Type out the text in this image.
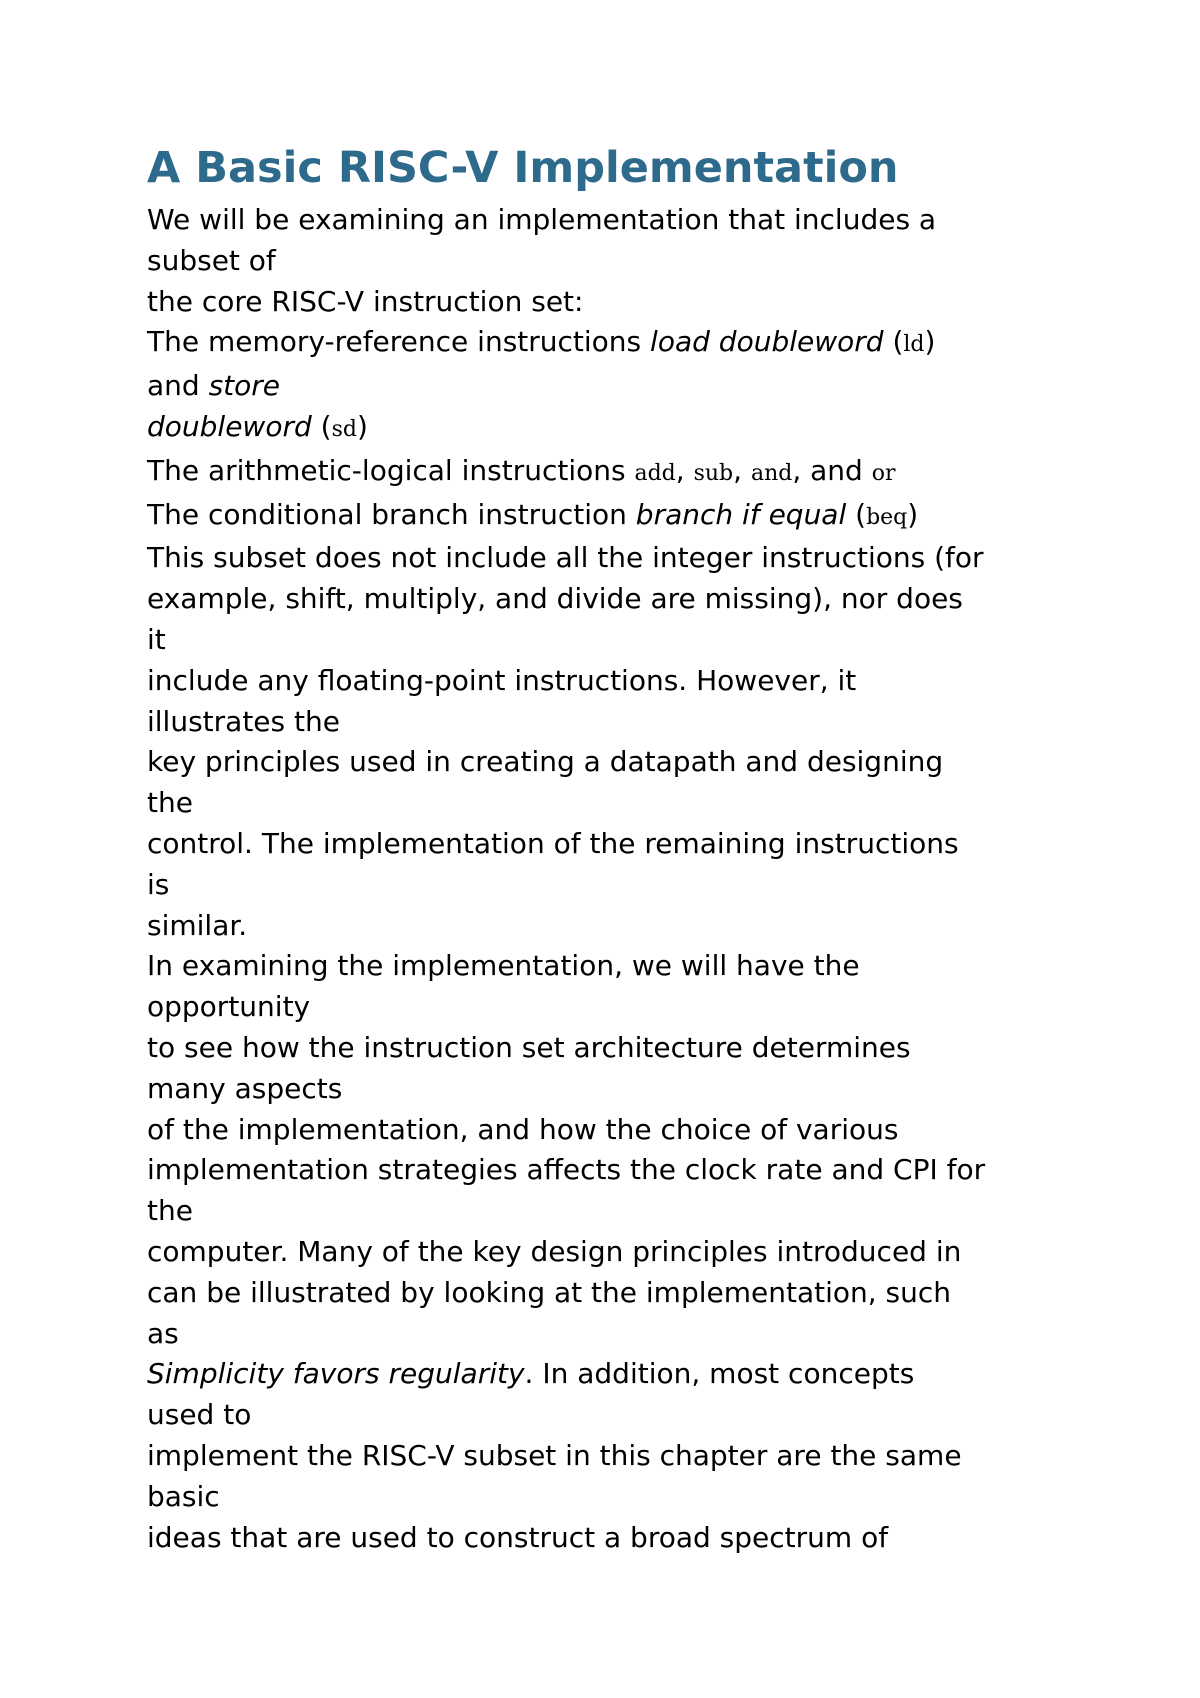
A Basic RISC-V Implementation

We will be examining an implementation that includes a

subset of

the core RISC-V instruction set:

The memory-reference instructions load doubleword (ld)

and store

doubleword (sd)

The arithmetic-logical instructions add, sub, and, and or

The conditional branch instruction branch if equal (beq)

This subset does not include all the integer instructions (for

example, shift, multiply, and divide are missing), nor does

it

include any floating-point instructions. However, it

illustrates the

key principles used in creating a datapath and designing

the

control. The implementation of the remaining instructions

is

similar.

In examining the implementation, we will have the

opportunity

to see how the instruction set architecture determines

many aspects

of the implementation, and how the choice of various

implementation strategies affects the clock rate and CPI for

the

computer. Many of the key design principles introduced in

can be illustrated by looking at the implementation, such

as

Simplicity favors regularity. In addition, most concepts

used to

implement the RISC-V subset in this chapter are the same

basic

ideas that are used to construct a broad spectrum of
